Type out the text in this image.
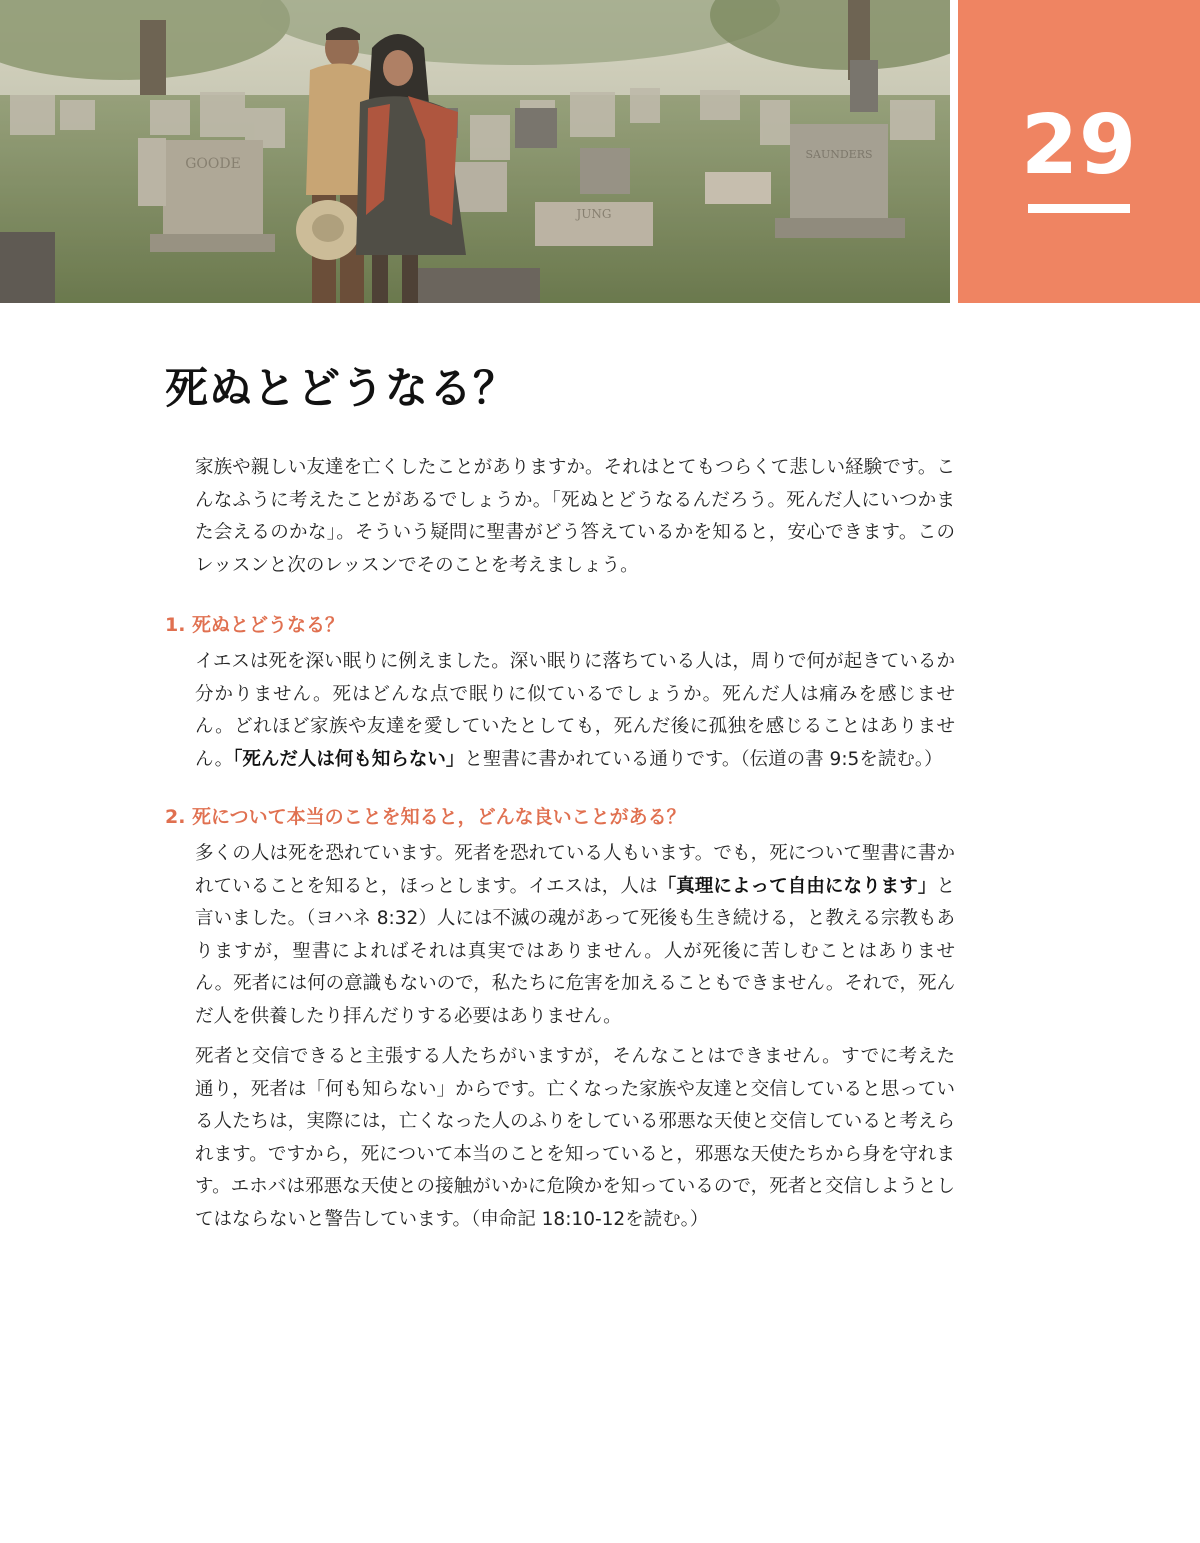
GOODE
JUNG
SAUNDERS	29
死ぬとどうなる？

家族や親しい友達を亡くしたことがありますか。それはとてもつらくて悲しい経験です。こんなふうに考えたことがあるでしょうか。「死ぬとどうなるんだろう。死んだ人にいつかまた会えるのかな」。そういう疑問に聖書がどう答えているかを知ると，安心できます。このレッスンと次のレッスンでそのことを考えましょう。

1. 死ぬとどうなる？

イエスは死を深い眠りに例えました。深い眠りに落ちている人は，周りで何が起きているか分かりません。死はどんな点で眠りに似ているでしょうか。死んだ人は痛みを感じません。どれほど家族や友達を愛していたとしても，死んだ後に孤独を感じることはありません。「死んだ人は何も知らない」と聖書に書かれている通りです。（伝道の書 9:5を読む。）

2. 死について本当のことを知ると，どんな良いことがある？

多くの人は死を恐れています。死者を恐れている人もいます。でも，死について聖書に書かれていることを知ると，ほっとします。イエスは，人は「真理によって自由になります」と言いました。（ヨハネ 8:32）人には不滅の魂があって死後も生き続ける，と教える宗教もありますが，聖書によればそれは真実ではありません。人が死後に苦しむことはありません。死者には何の意識もないので，私たちに危害を加えることもできません。それで，死んだ人を供養したり拝んだりする必要はありません。

死者と交信できると主張する人たちがいますが，そんなことはできません。すでに考えた通り，死者は「何も知らない」からです。亡くなった家族や友達と交信していると思っている人たちは，実際には，亡くなった人のふりをしている邪悪な天使と交信していると考えられます。ですから，死について本当のことを知っていると，邪悪な天使たちから身を守れます。エホバは邪悪な天使との接触がいかに危険かを知っているので，死者と交信しようとしてはならないと警告しています。（申命記 18:10-12を読む。）
